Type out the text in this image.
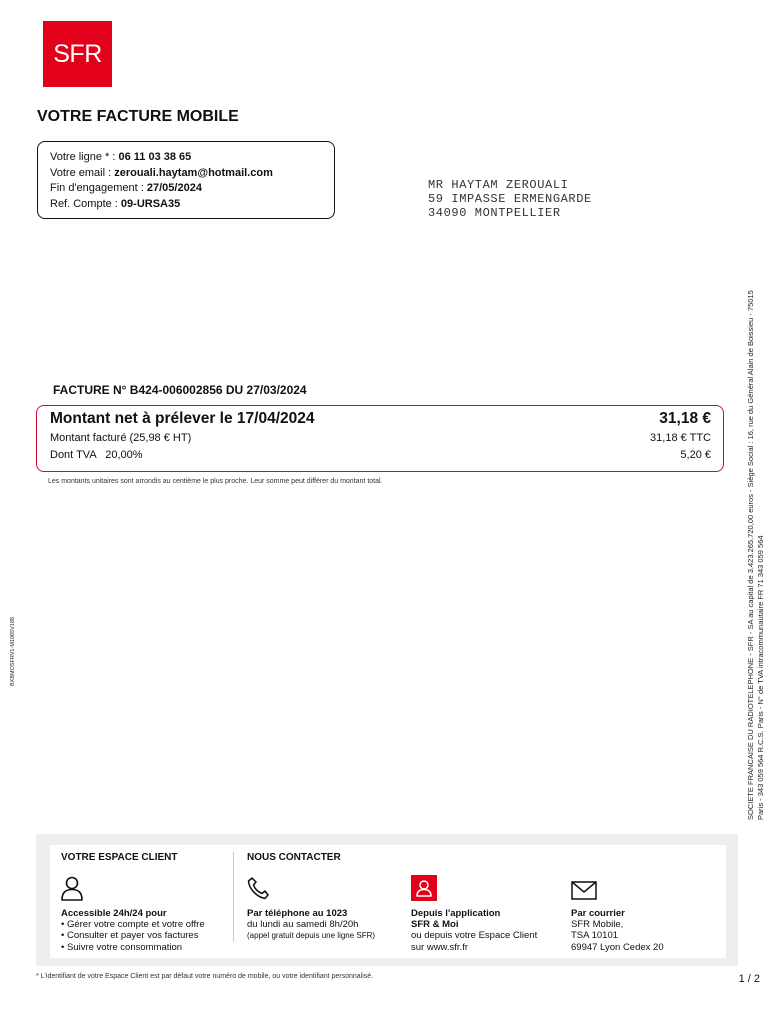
SFR
VOTRE FACTURE MOBILE
Votre ligne * : 06 11 03 38 65
Votre email : zerouali.haytam@hotmail.com
Fin d'engagement : 27/05/2024
Ref. Compte : 09-URSA35
MR HAYTAM ZEROUALI
59 IMPASSE ERMENGARDE
34090 MONTPELLIER
SOCIETE FRANCAISE DU RADIOTELEPHONE - SFR - SA au capital de 3.423.265.720,00 euros - Siège Social : 16, rue du Général Alain de Boissieu - 75015 Paris - 343 059 564 R.C.S. Paris - N° de TVA intracommunautaire FR 71 343 059 564
BXBMOSFRV1-M1065V188
FACTURE N° B424-006002856 DU 27/03/2024
Montant net à prélever le 17/04/2024	31,18 €
Montant facturé (25,98 € HT)	31,18 € TTC
Dont TVA   20,00%	5,20 €
Les montants unitaires sont arrondis au centième le plus proche. Leur somme peut différer du montant total.
VOTRE ESPACE CLIENT	NOUS CONTACTER
Accessible 24h/24 pour
• Gérer votre compte et votre offre
• Consulter et payer vos factures
• Suivre votre consommation
Par téléphone au 1023
du lundi au samedi 8h/20h
(appel gratuit depuis une ligne SFR)
Depuis l'application
SFR & Moi
ou depuis votre Espace Client
sur www.sfr.fr
Par courrier
SFR Mobile,
TSA 10101
69947 Lyon Cedex 20
* L'identifiant de votre Espace Client est par défaut votre numéro de mobile, ou votre identifiant personnalisé.	1 / 2
